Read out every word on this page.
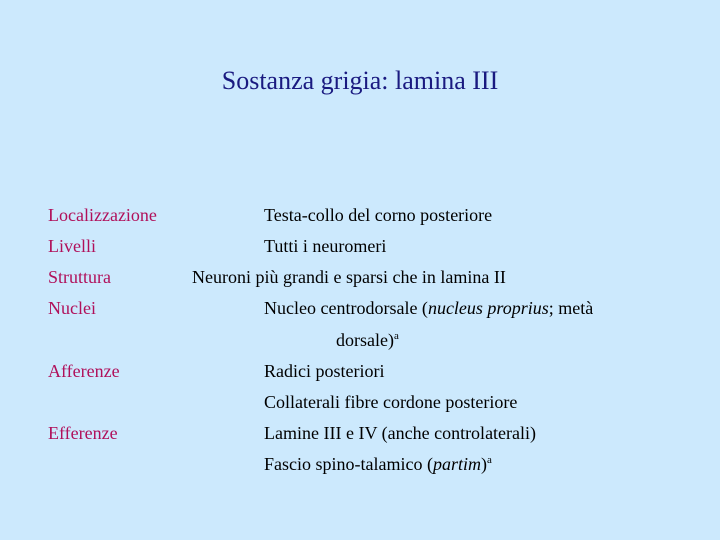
Sostanza grigia: lamina III
Localizzazione	Testa-collo del corno posteriore
Livelli	Tutti i neuromeri
Struttura	Neuroni più grandi e sparsi che in lamina II
Nuclei	Nucleo centrodorsale (nucleus proprius; metà
dorsale)$^a$
Afferenze	Radici posteriori
Collaterali fibre cordone posteriore
Efferenze	Lamine III e IV (anche controlaterali)
Fascio spino-talamico (partim)$^a$
